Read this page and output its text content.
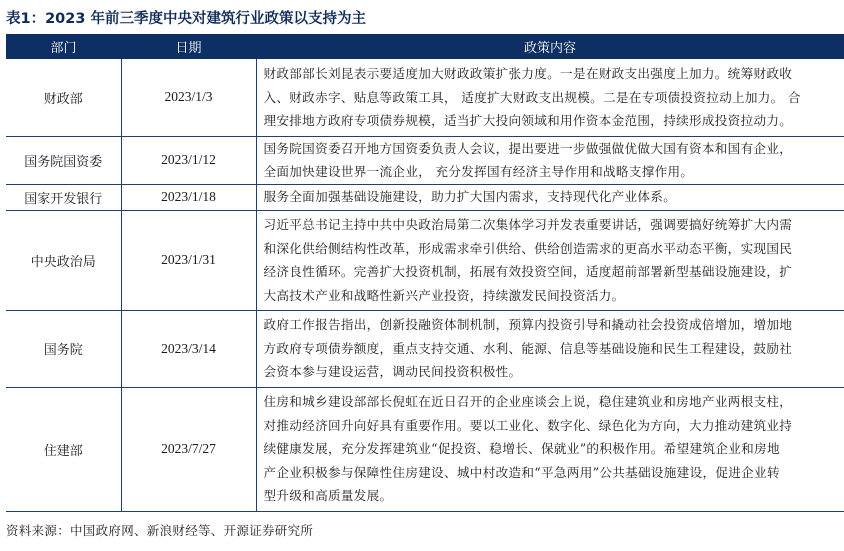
表1：2023 年前三季度中央对建筑行业政策以支持为主
部门	日期	政策内容
财政部	2023/1/3	财政部部长刘昆表示要适度加大财政政策扩张力度。一是在财政支出强度上加力。统筹财政收
入、财政赤字、贴息等政策工具， 适度扩大财政支出规模。二是在专项债投资拉动上加力。 合
理安排地方政府专项债券规模，适当扩大投向领域和用作资本金范围，持续形成投资拉动力。

国务院国资委	2023/1/12	国务院国资委召开地方国资委负责人会议，提出要进一步做强做优做大国有资本和国有企业，
全面加快建设世界一流企业， 充分发挥国有经济主导作用和战略支撑作用。

国家开发银行	2023/1/18	服务全面加强基础设施建设，助力扩大国内需求，支持现代化产业体系。

中央政治局	2023/1/31	习近平总书记主持中共中央政治局第二次集体学习并发表重要讲话，强调要搞好统筹扩大内需
和深化供给侧结构性改革，形成需求牵引供给、供给创造需求的更高水平动态平衡，实现国民
经济良性循环。完善扩大投资机制，拓展有效投资空间，适度超前部署新型基础设施建设，扩
大高技术产业和战略性新兴产业投资，持续激发民间投资活力。

国务院	2023/3/14	政府工作报告指出，创新投融资体制机制，预算内投资引导和撬动社会投资成倍增加，增加地
方政府专项债券额度，重点支持交通、水利、能源、信息等基础设施和民生工程建设，鼓励社
会资本参与建设运营，调动民间投资积极性。

住建部	2023/7/27	住房和城乡建设部部长倪虹在近日召开的企业座谈会上说，稳住建筑业和房地产业两根支柱，
对推动经济回升向好具有重要作用。要以工业化、数字化、绿色化为方向，大力推动建筑业持
续健康发展，充分发挥建筑业“促投资、稳增长、保就业”的积极作用。希望建筑企业和房地
产企业积极参与保障性住房建设、城中村改造和“平急两用”公共基础设施建设，促进企业转
型升级和高质量发展。
资料来源：中国政府网、新浪财经等、开源证券研究所
